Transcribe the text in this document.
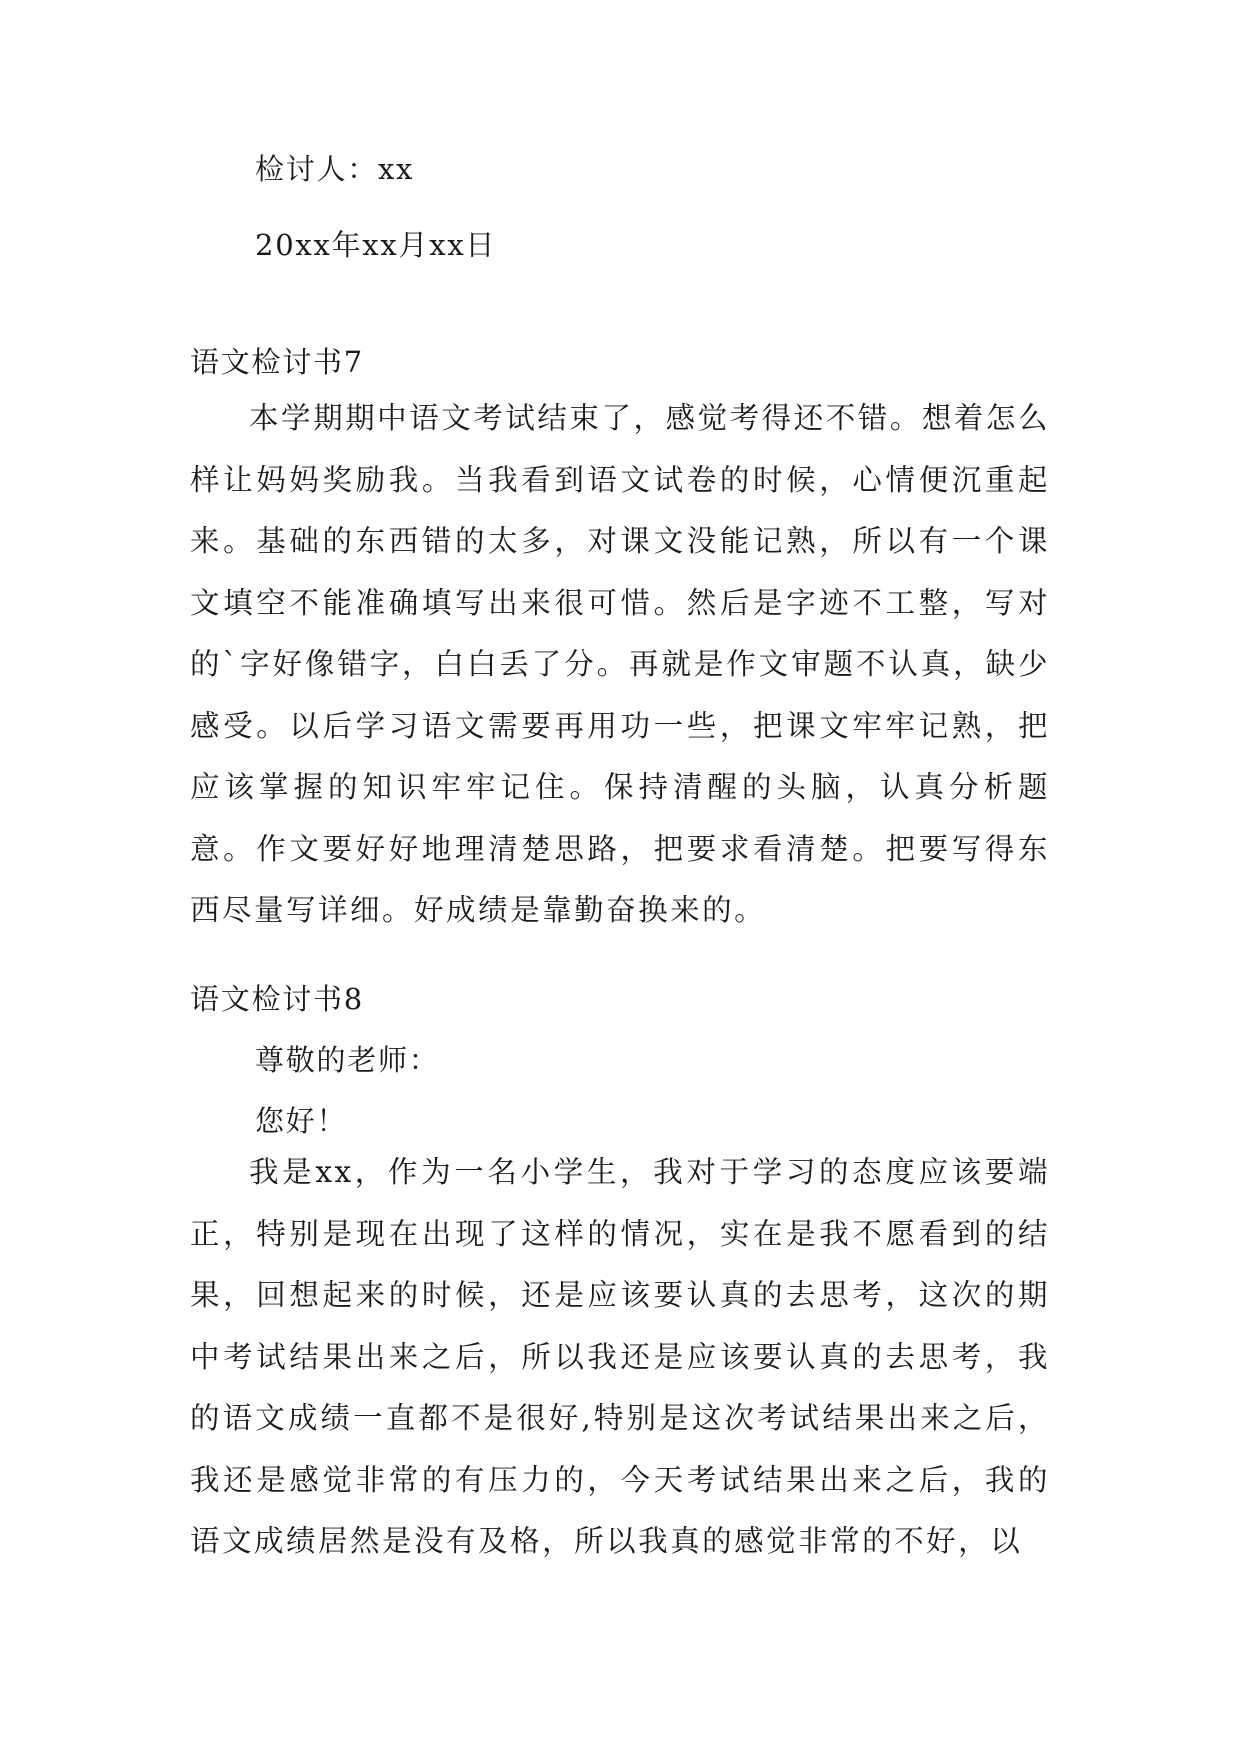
检讨人：xx
20xx年xx月xx日
语文检讨书7

本学期期中语文考试结束了，感觉考得还不错。想着怎么样让妈妈奖励我。当我看到语文试卷的时候，心情便沉重起来。基础的东西错的太多，对课文没能记熟，所以有一个课文填空不能准确填写出来很可惜。然后是字迹不工整，写对的`字好像错字，白白丢了分。再就是作文审题不认真，缺少感受。以后学习语文需要再用功一些，把课文牢牢记熟，把应该掌握的知识牢牢记住。保持清醒的头脑，认真分析题意。作文要好好地理清楚思路，把要求看清楚。把要写得东西尽量写详细。好成绩是靠勤奋换来的。

语文检讨书8
尊敬的老师：
您好！

我是xx，作为一名小学生，我对于学习的态度应该要端正，特别是现在出现了这样的情况，实在是我不愿看到的结果，回想起来的时候，还是应该要认真的去思考，这次的期中考试结果出来之后，所以我还是应该要认真的去思考，我的语文成绩一直都不是很好,特别是这次考试结果出来之后，我还是感觉非常的有压力的，今天考试结果出来之后，我的语文成绩居然是没有及格，所以我真的感觉非常的不好，以
